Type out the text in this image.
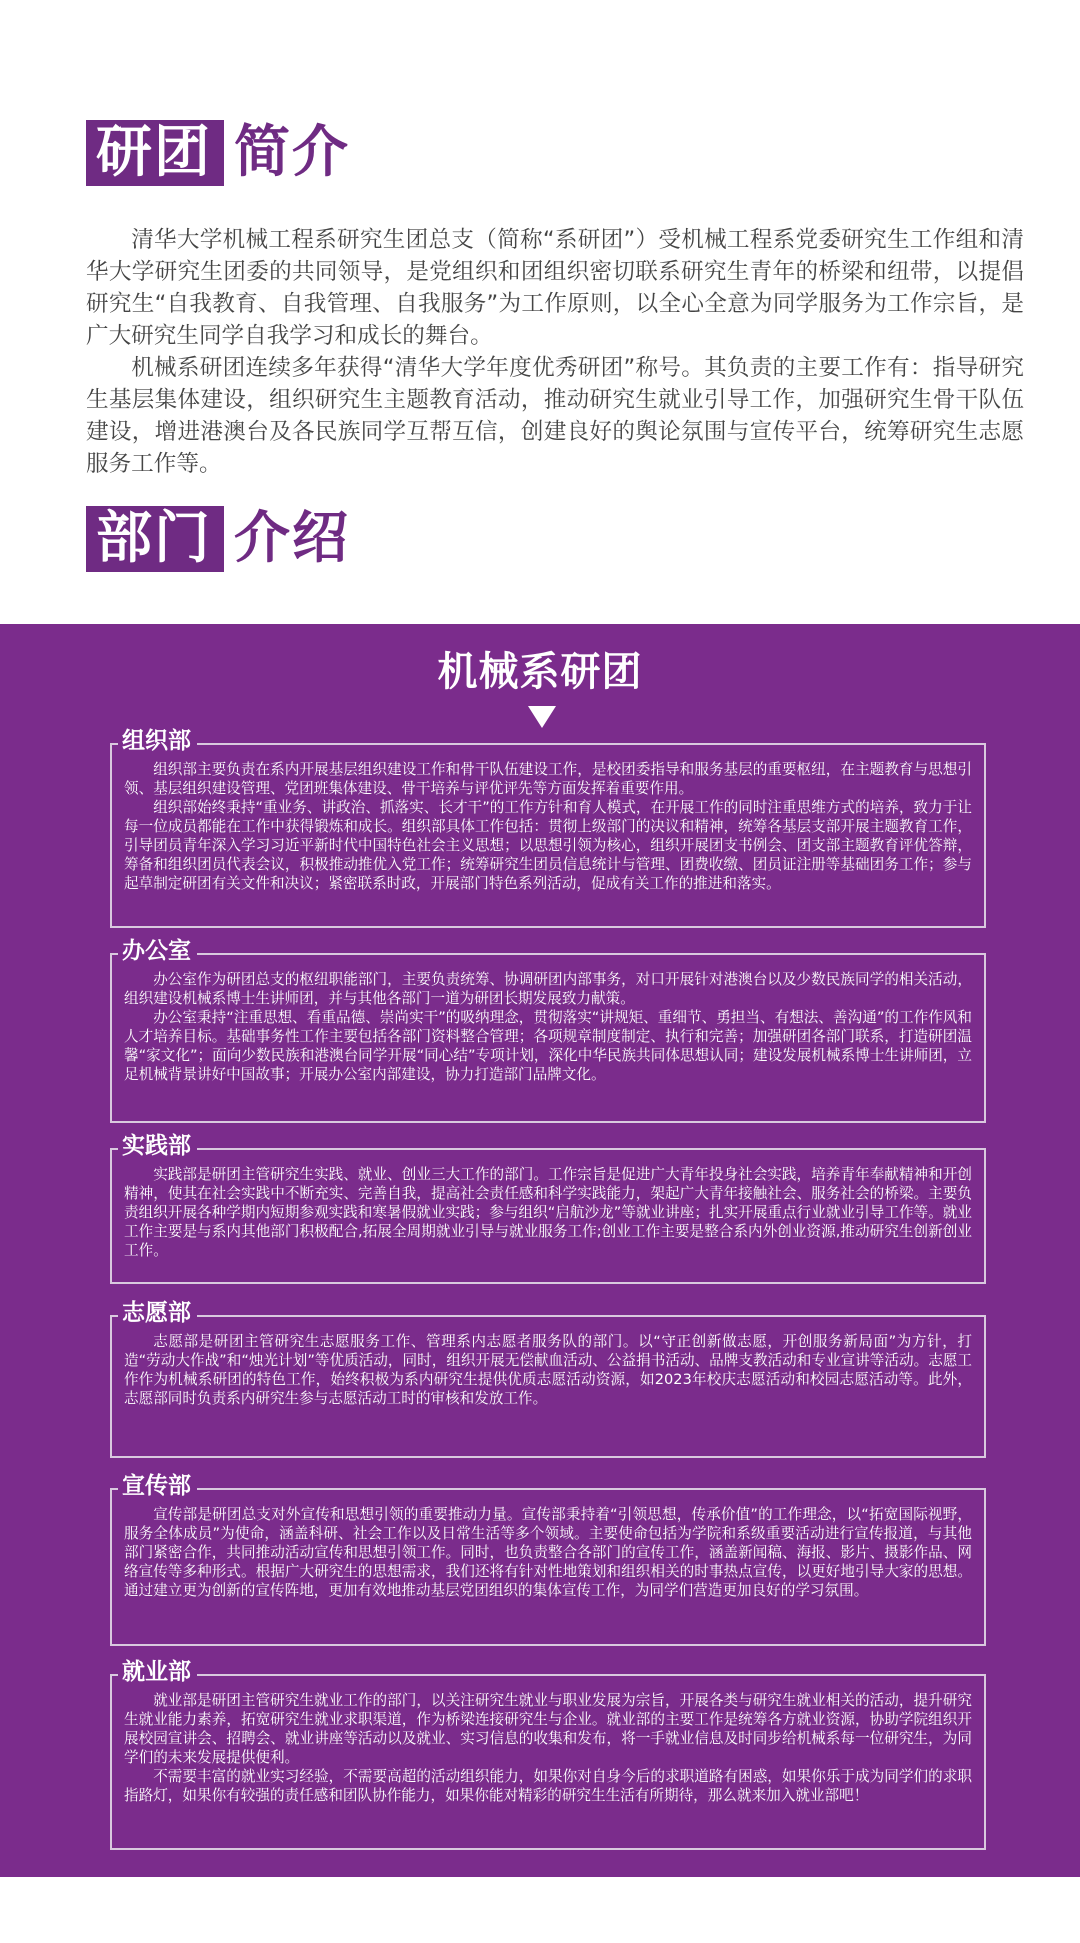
研团 简介

清华大学机械工程系研究生团总支（简称“系研团”）受机械工程系党委研究生工作组和清华大学研究生团委的共同领导，是党组织和团组织密切联系研究生青年的桥梁和纽带，以提倡研究生“自我教育、自我管理、自我服务”为工作原则，以全心全意为同学服务为工作宗旨，是广大研究生同学自我学习和成长的舞台。

机械系研团连续多年获得“清华大学年度优秀研团”称号。其负责的主要工作有：指导研究生基层集体建设，组织研究生主题教育活动，推动研究生就业引导工作，加强研究生骨干队伍建设，增进港澳台及各民族同学互帮互信，创建良好的舆论氛围与宣传平台，统筹研究生志愿服务工作等。

部门 介绍
机械系研团
组织部

组织部主要负责在系内开展基层组织建设工作和骨干队伍建设工作，是校团委指导和服务基层的重要枢纽，在主题教育与思想引领、基层组织建设管理、党团班集体建设、骨干培养与评优评先等方面发挥着重要作用。

组织部始终秉持“重业务、讲政治、抓落实、长才干”的工作方针和育人模式，在开展工作的同时注重思维方式的培养，致力于让每一位成员都能在工作中获得锻炼和成长。组织部具体工作包括：贯彻上级部门的决议和精神，统筹各基层支部开展主题教育工作，引导团员青年深入学习习近平新时代中国特色社会主义思想；以思想引领为核心，组织开展团支书例会、团支部主题教育评优答辩，筹备和组织团员代表会议，积极推动推优入党工作；统筹研究生团员信息统计与管理、团费收缴、团员证注册等基础团务工作；参与起草制定研团有关文件和决议；紧密联系时政，开展部门特色系列活动，促成有关工作的推进和落实。

办公室

办公室作为研团总支的枢纽职能部门，主要负责统筹、协调研团内部事务，对口开展针对港澳台以及少数民族同学的相关活动，组织建设机械系博士生讲师团，并与其他各部门一道为研团长期发展致力献策。

办公室秉持“注重思想、看重品德、崇尚实干”的吸纳理念，贯彻落实“讲规矩、重细节、勇担当、有想法、善沟通”的工作作风和人才培养目标。基础事务性工作主要包括各部门资料整合管理；各项规章制度制定、执行和完善；加强研团各部门联系，打造研团温馨“家文化”；面向少数民族和港澳台同学开展“同心结”专项计划，深化中华民族共同体思想认同；建设发展机械系博士生讲师团，立足机械背景讲好中国故事；开展办公室内部建设，协力打造部门品牌文化。

实践部

实践部是研团主管研究生实践、就业、创业三大工作的部门。工作宗旨是促进广大青年投身社会实践，培养青年奉献精神和开创精神，使其在社会实践中不断充实、完善自我，提高社会责任感和科学实践能力，架起广大青年接触社会、服务社会的桥梁。主要负责组织开展各种学期内短期参观实践和寒暑假就业实践；参与组织“启航沙龙”等就业讲座；扎实开展重点行业就业引导工作等。就业工作主要是与系内其他部门积极配合,拓展全周期就业引导与就业服务工作;创业工作主要是整合系内外创业资源,推动研究生创新创业工作。

志愿部

志愿部是研团主管研究生志愿服务工作、管理系内志愿者服务队的部门。以“守正创新做志愿，开创服务新局面”为方针，打造“劳动大作战”和“烛光计划”等优质活动，同时，组织开展无偿献血活动、公益捐书活动、品牌支教活动和专业宣讲等活动。志愿工作作为机械系研团的特色工作，始终积极为系内研究生提供优质志愿活动资源，如2023年校庆志愿活动和校园志愿活动等。此外，志愿部同时负责系内研究生参与志愿活动工时的审核和发放工作。

宣传部

宣传部是研团总支对外宣传和思想引领的重要推动力量。宣传部秉持着“引领思想，传承价值”的工作理念，以“拓宽国际视野，服务全体成员”为使命，涵盖科研、社会工作以及日常生活等多个领域。主要使命包括为学院和系级重要活动进行宣传报道，与其他部门紧密合作，共同推动活动宣传和思想引领工作。同时，也负责整合各部门的宣传工作，涵盖新闻稿、海报、影片、摄影作品、网络宣传等多种形式。根据广大研究生的思想需求，我们还将有针对性地策划和组织相关的时事热点宣传，以更好地引导大家的思想。通过建立更为创新的宣传阵地，更加有效地推动基层党团组织的集体宣传工作，为同学们营造更加良好的学习氛围。

就业部

就业部是研团主管研究生就业工作的部门，以关注研究生就业与职业发展为宗旨，开展各类与研究生就业相关的活动，提升研究生就业能力素养，拓宽研究生就业求职渠道，作为桥梁连接研究生与企业。就业部的主要工作是统筹各方就业资源，协助学院组织开展校园宣讲会、招聘会、就业讲座等活动以及就业、实习信息的收集和发布，将一手就业信息及时同步给机械系每一位研究生，为同学们的未来发展提供便利。

不需要丰富的就业实习经验，不需要高超的活动组织能力，如果你对自身今后的求职道路有困惑，如果你乐于成为同学们的求职指路灯，如果你有较强的责任感和团队协作能力，如果你能对精彩的研究生生活有所期待，那么就来加入就业部吧！
